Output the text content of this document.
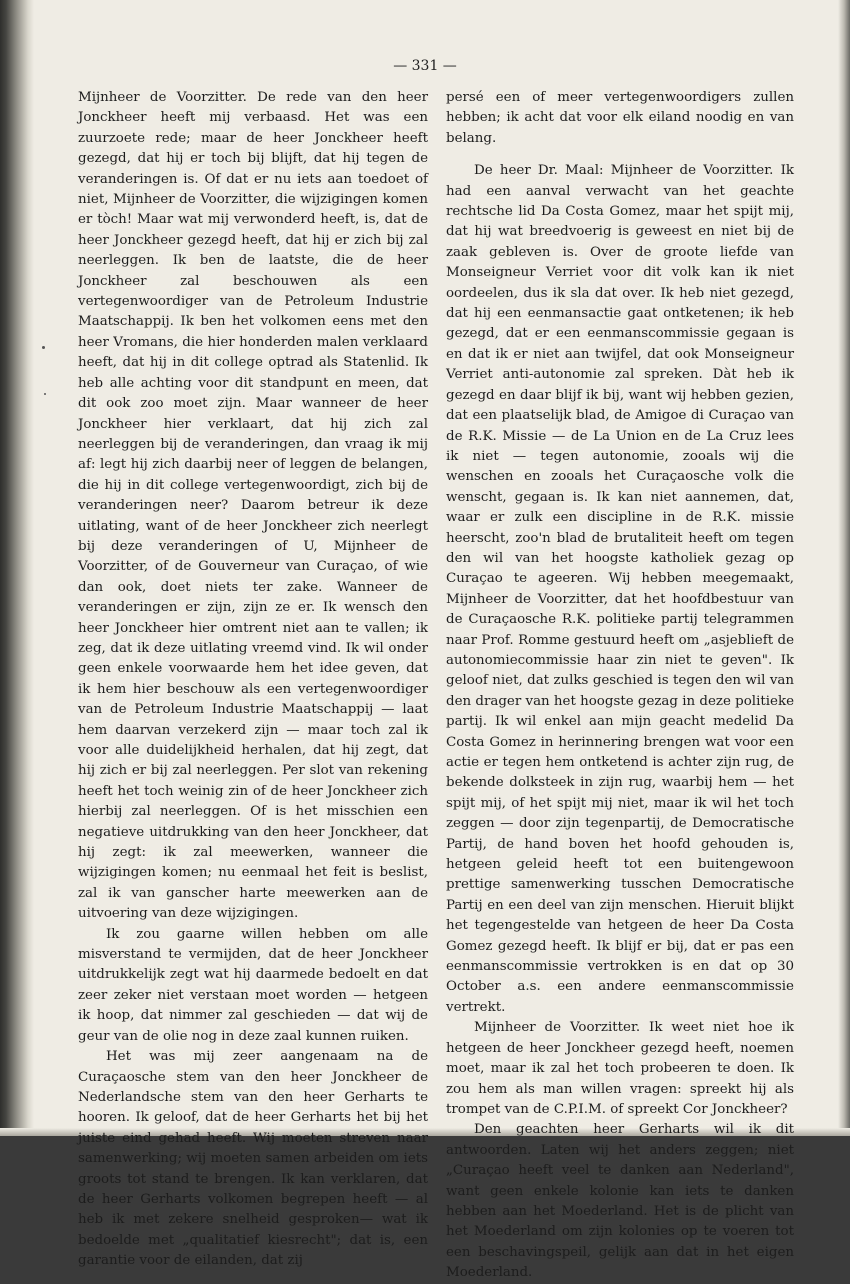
— 331 —

Mijnheer de Voorzitter. De rede van den heer Jonckheer heeft mij verbaasd. Het was een zuurzoete rede; maar de heer Jonckheer heeft gezegd, dat hij er toch bij blijft, dat hij tegen de veranderingen is. Of dat er nu iets aan toedoet of niet, Mijnheer de Voorzitter, die wijzigingen komen er tòch! Maar wat mij verwonderd heeft, is, dat de heer Jonckheer gezegd heeft, dat hij er zich bij zal neerleggen. Ik ben de laatste, die de heer Jonckheer zal beschouwen als een vertegenwoordiger van de Petroleum Industrie Maatschappij. Ik ben het volkomen eens met den heer Vromans, die hier honderden malen verklaard heeft, dat hij in dit college optrad als Statenlid. Ik heb alle achting voor dit standpunt en meen, dat dit ook zoo moet zijn. Maar wanneer de heer Jonckheer hier verklaart, dat hij zich zal neerleggen bij de veranderingen, dan vraag ik mij af: legt hij zich daarbij neer of leggen de belangen, die hij in dit college vertegenwoordigt, zich bij de veranderingen neer? Daarom betreur ik deze uitlating, want of de heer Jonckheer zich neerlegt bij deze veranderingen of U, Mijnheer de Voorzitter, of de Gouverneur van Curaçao, of wie dan ook, doet niets ter zake. Wanneer de veranderingen er zijn, zijn ze er. Ik wensch den heer Jonckheer hier omtrent niet aan te vallen; ik zeg, dat ik deze uitlating vreemd vind. Ik wil onder geen enkele voorwaarde hem het idee geven, dat ik hem hier beschouw als een vertegenwoordiger van de Petroleum Industrie Maatschappij — laat hem daarvan verzekerd zijn — maar toch zal ik voor alle duidelijkheid herhalen, dat hij zegt, dat hij zich er bij zal neerleggen. Per slot van rekening heeft het toch weinig zin of de heer Jonckheer zich hierbij zal neerleggen. Of is het misschien een negatieve uitdrukking van den heer Jonckheer, dat hij zegt: ik zal meewerken, wanneer die wijzigingen komen; nu eenmaal het feit is beslist, zal ik van ganscher harte meewerken aan de uitvoering van deze wijzigingen.

Ik zou gaarne willen hebben om alle misverstand te vermijden, dat de heer Jonckheer uitdrukkelijk zegt wat hij daarmede bedoelt en dat zeer zeker niet verstaan moet worden — hetgeen ik hoop, dat nimmer zal geschieden — dat wij de geur van de olie nog in deze zaal kunnen ruiken.

Het was mij zeer aangenaam na de Curaçaosche stem van den heer Jonckheer de Nederlandsche stem van den heer Gerharts te hooren. Ik geloof, dat de heer Gerharts het bij het juiste eind gehad heeft. Wij moeten streven naar samenwerking; wij moeten samen arbeiden om iets groots tot stand te brengen. Ik kan verklaren, dat de heer Gerharts volkomen begrepen heeft — al heb ik met zekere snelheid gesproken— wat ik bedoelde met „qualitatief kiesrecht"; dat is, een garantie voor de eilanden, dat zij

persé een of meer vertegenwoordigers zullen hebben; ik acht dat voor elk eiland noodig en van belang.

De heer Dr. Maal: Mijnheer de Voorzitter. Ik had een aanval verwacht van het geachte rechtsche lid Da Costa Gomez, maar het spijt mij, dat hij wat breedvoerig is geweest en niet bij de zaak gebleven is. Over de groote liefde van Monseigneur Verriet voor dit volk kan ik niet oordeelen, dus ik sla dat over. Ik heb niet gezegd, dat hij een eenmansactie gaat ontketenen; ik heb gezegd, dat er een eenmanscommissie gegaan is en dat ik er niet aan twijfel, dat ook Monseigneur Verriet anti-autonomie zal spreken. Dàt heb ik gezegd en daar blijf ik bij, want wij hebben gezien, dat een plaatselijk blad, de Amigoe di Curaçao van de R.K. Missie — de La Union en de La Cruz lees ik niet — tegen autonomie, zooals wij die wenschen en zooals het Curaçaosche volk die wenscht, gegaan is. Ik kan niet aannemen, dat, waar er zulk een discipline in de R.K. missie heerscht, zoo'n blad de brutaliteit heeft om tegen den wil van het hoogste katholiek gezag op Curaçao te ageeren. Wij hebben meegemaakt, Mijnheer de Voorzitter, dat het hoofdbestuur van de Curaçaosche R.K. politieke partij telegrammen naar Prof. Romme gestuurd heeft om „asjeblieft de autonomiecommissie haar zin niet te geven". Ik geloof niet, dat zulks geschied is tegen den wil van den drager van het hoogste gezag in deze politieke partij. Ik wil enkel aan mijn geacht medelid Da Costa Gomez in herinnering brengen wat voor een actie er tegen hem ontketend is achter zijn rug, de bekende dolksteek in zijn rug, waarbij hem — het spijt mij, of het spijt mij niet, maar ik wil het toch zeggen — door zijn tegenpartij, de Democratische Partij, de hand boven het hoofd gehouden is, hetgeen geleid heeft tot een buitengewoon prettige samenwerking tusschen Democratische Partij en een deel van zijn menschen. Hieruit blijkt het tegengestelde van hetgeen de heer Da Costa Gomez gezegd heeft. Ik blijf er bij, dat er pas een eenmanscommissie vertrokken is en dat op 30 October a.s. een andere eenmanscommissie vertrekt.

Mijnheer de Voorzitter. Ik weet niet hoe ik hetgeen de heer Jonckheer gezegd heeft, noemen moet, maar ik zal het toch probeeren te doen. Ik zou hem als man willen vragen: spreekt hij als trompet van de C.P.I.M. of spreekt Cor Jonckheer?

Den geachten heer Gerharts wil ik dit antwoorden. Laten wij het anders zeggen; niet „Curaçao heeft veel te danken aan Nederland", want geen enkele kolonie kan iets te danken hebben aan het Moederland. Het is de plicht van het Moederland om zijn kolonies op te voeren tot een beschavingspeil, gelijk aan dat in het eigen Moederland.
